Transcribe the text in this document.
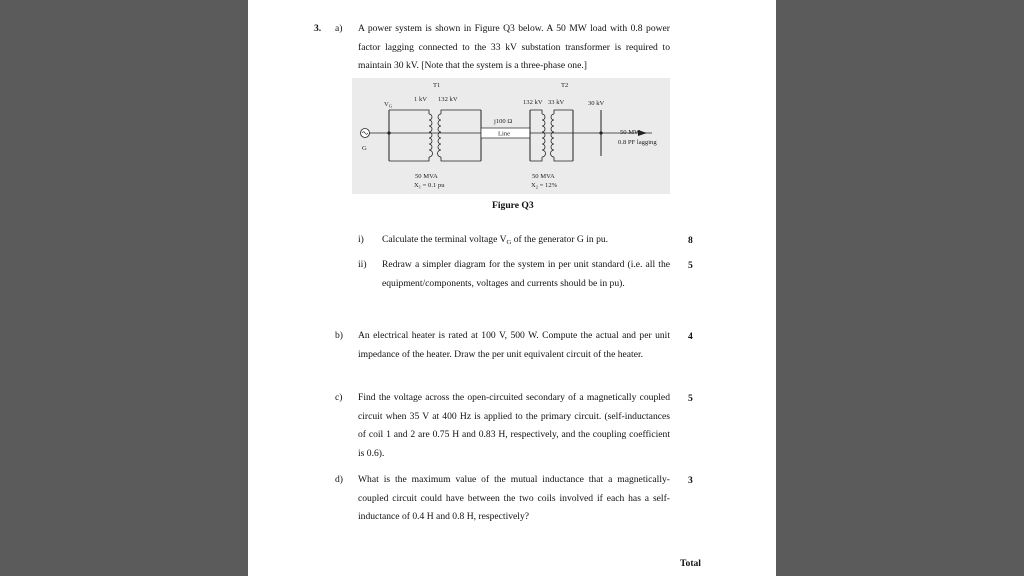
3. a) A power system is shown in Figure Q3 below. A 50 MW load with 0.8 power factor lagging connected to the 33 kV substation transformer is required to maintain 30 kV. [Note that the system is a three-phase one.]
G
$V_G$
T1
1 kV 132 kV
50 MVA
$X_1 = 0.1$ pu
j100 Ω
Line
T2
132 kV 33 kV	30 kV
50 MVA
$X_2 = 12\%$
50 MW
0.8 PF lagging
Figure Q3
i) Calculate the terminal voltage $V_G$ of the generator G in pu.	8
ii) Redraw a simpler diagram for the system in per unit standard (i.e. all the equipment/components, voltages and currents should be in pu).
5
b) An electrical heater is rated at 100 V, 500 W. Compute the actual and per unit impedance of the heater. Draw the per unit equivalent circuit of the heater.
4
c) Find the voltage across the open-circuited secondary of a magnetically coupled circuit when 35 V at 400 Hz is applied to the primary circuit. (self-inductances of coil 1 and 2 are 0.75 H and 0.83 H, respectively, and the coupling coefficient is 0.6).
5
d) What is the maximum value of the mutual inductance that a magnetically-coupled circuit could have between the two coils involved if each has a self-inductance of 0.4 H and 0.8 H, respectively?
3
Total
